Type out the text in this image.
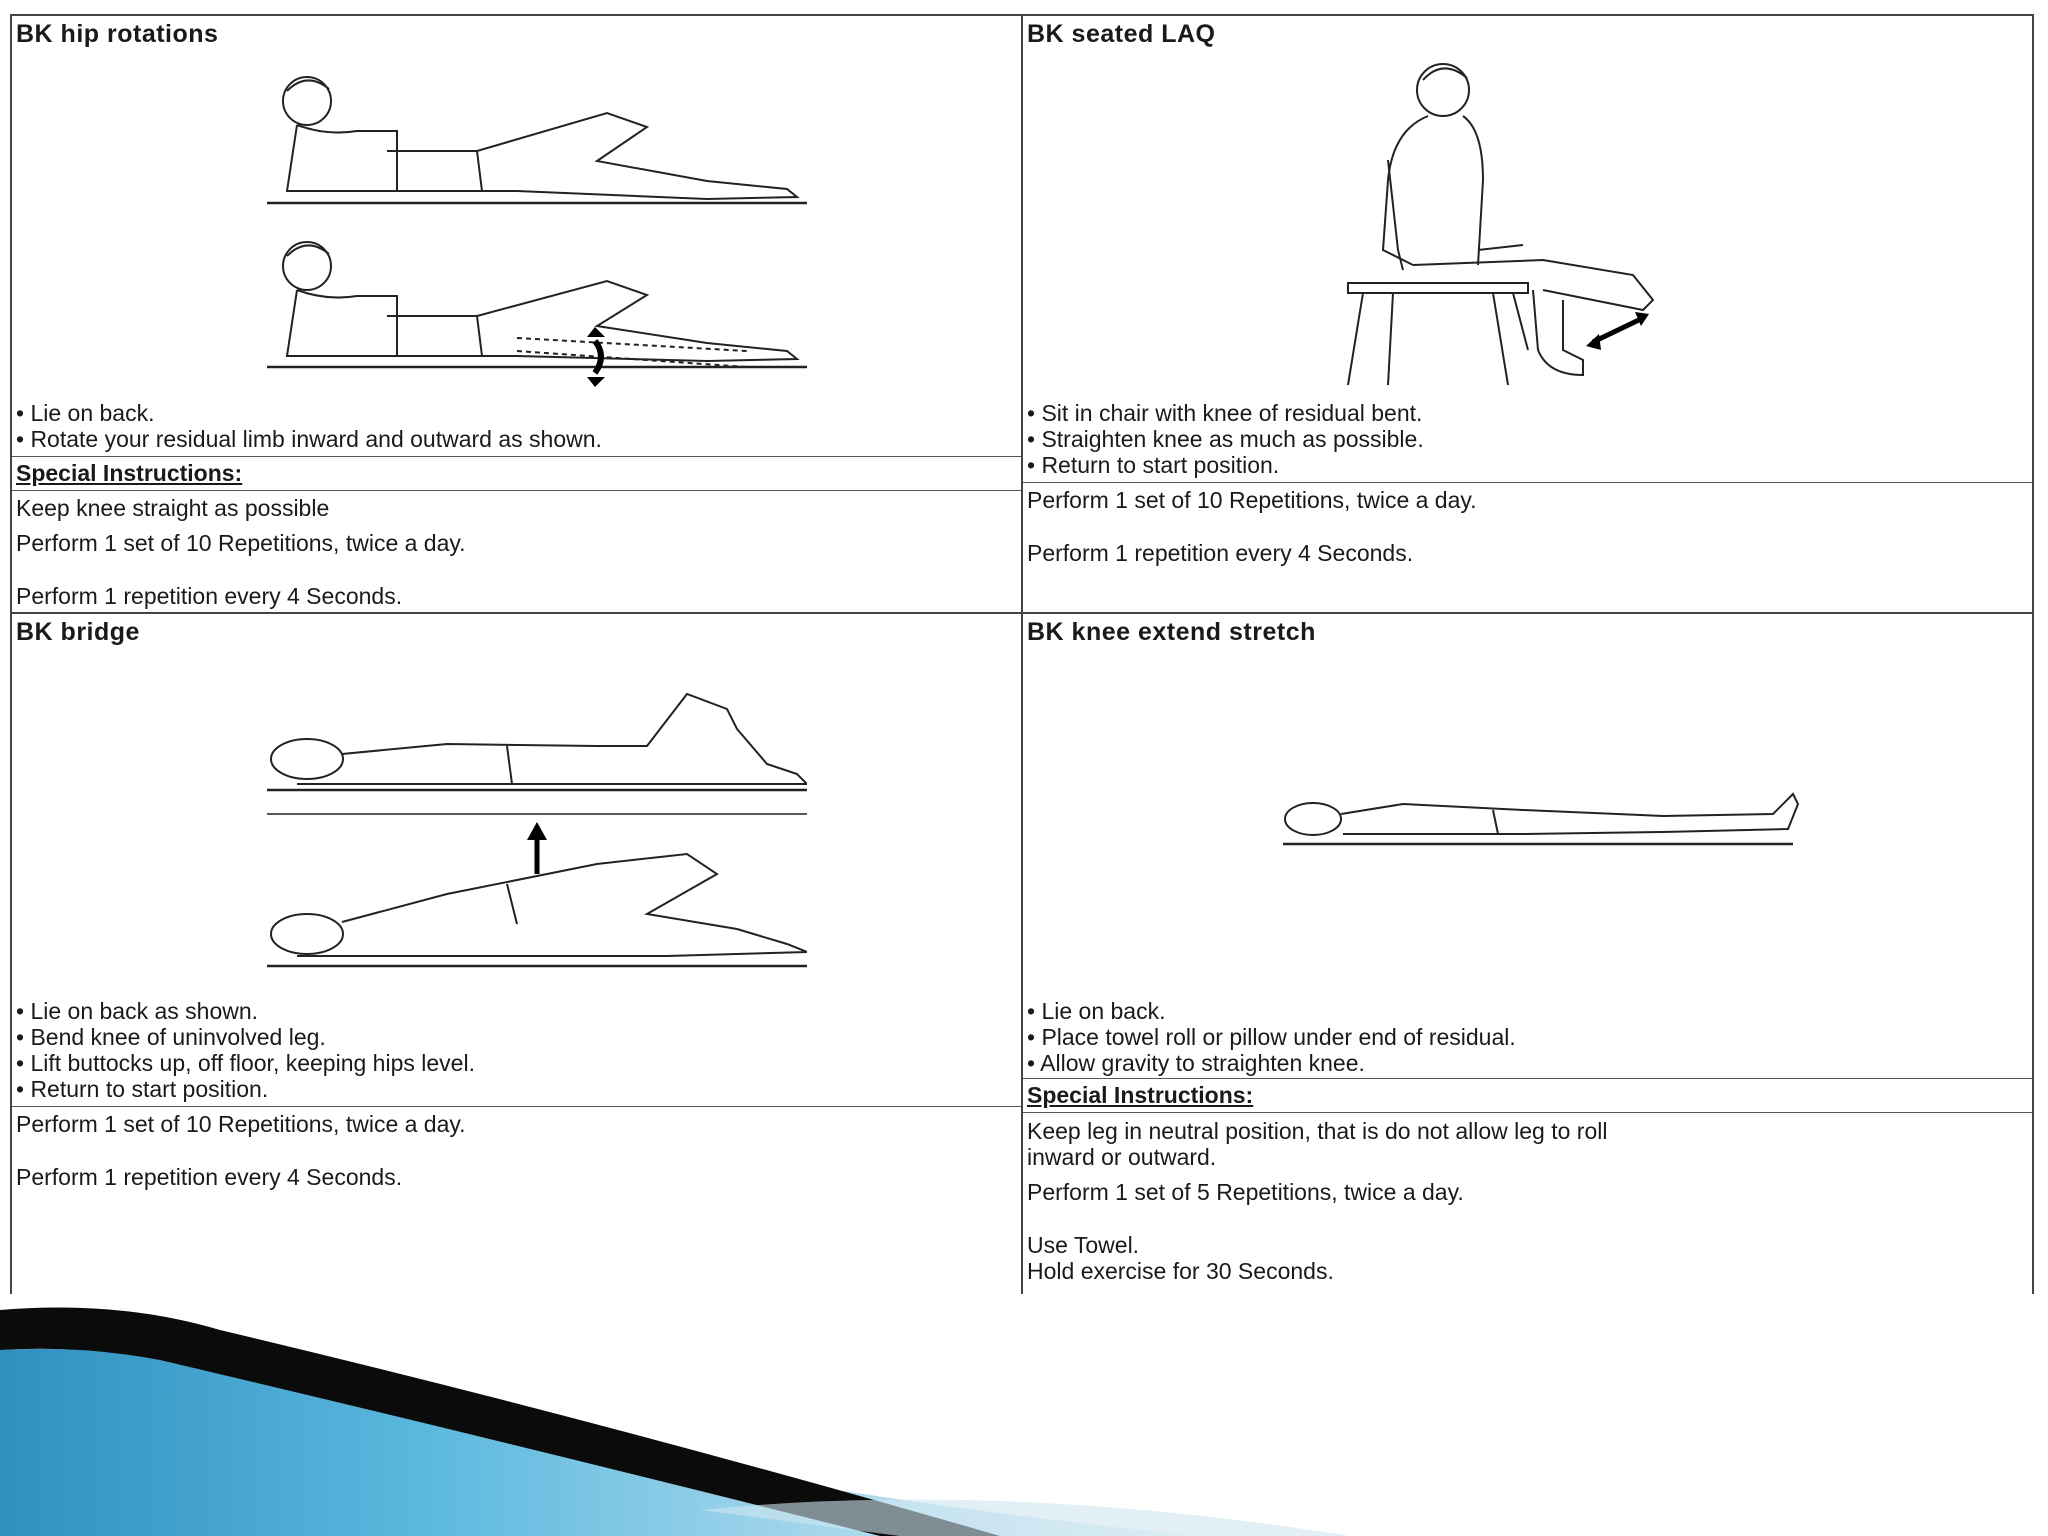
BK hip rotations
• Lie on back.
• Rotate your residual limb inward and outward as shown.
Special Instructions:
Keep knee straight as possible
Perform 1 set of 10 Repetitions, twice a day.
Perform 1 repetition every 4 Seconds.
BK seated LAQ
• Sit in chair with knee of residual bent.
• Straighten knee as much as possible.
• Return to start position.
Perform 1 set of 10 Repetitions, twice a day.
Perform 1 repetition every 4 Seconds.
BK bridge
• Lie on back as shown.
• Bend knee of uninvolved leg.
• Lift buttocks up, off floor, keeping hips level.
• Return to start position.
Perform 1 set of 10 Repetitions, twice a day.
Perform 1 repetition every 4 Seconds.
BK knee extend stretch
• Lie on back.
• Place towel roll or pillow under end of residual.
• Allow gravity to straighten knee.
Special Instructions:
Keep leg in neutral position, that is do not allow leg to roll
inward or outward.
Perform 1 set of 5 Repetitions, twice a day.
Use Towel.
Hold exercise for 30 Seconds.
